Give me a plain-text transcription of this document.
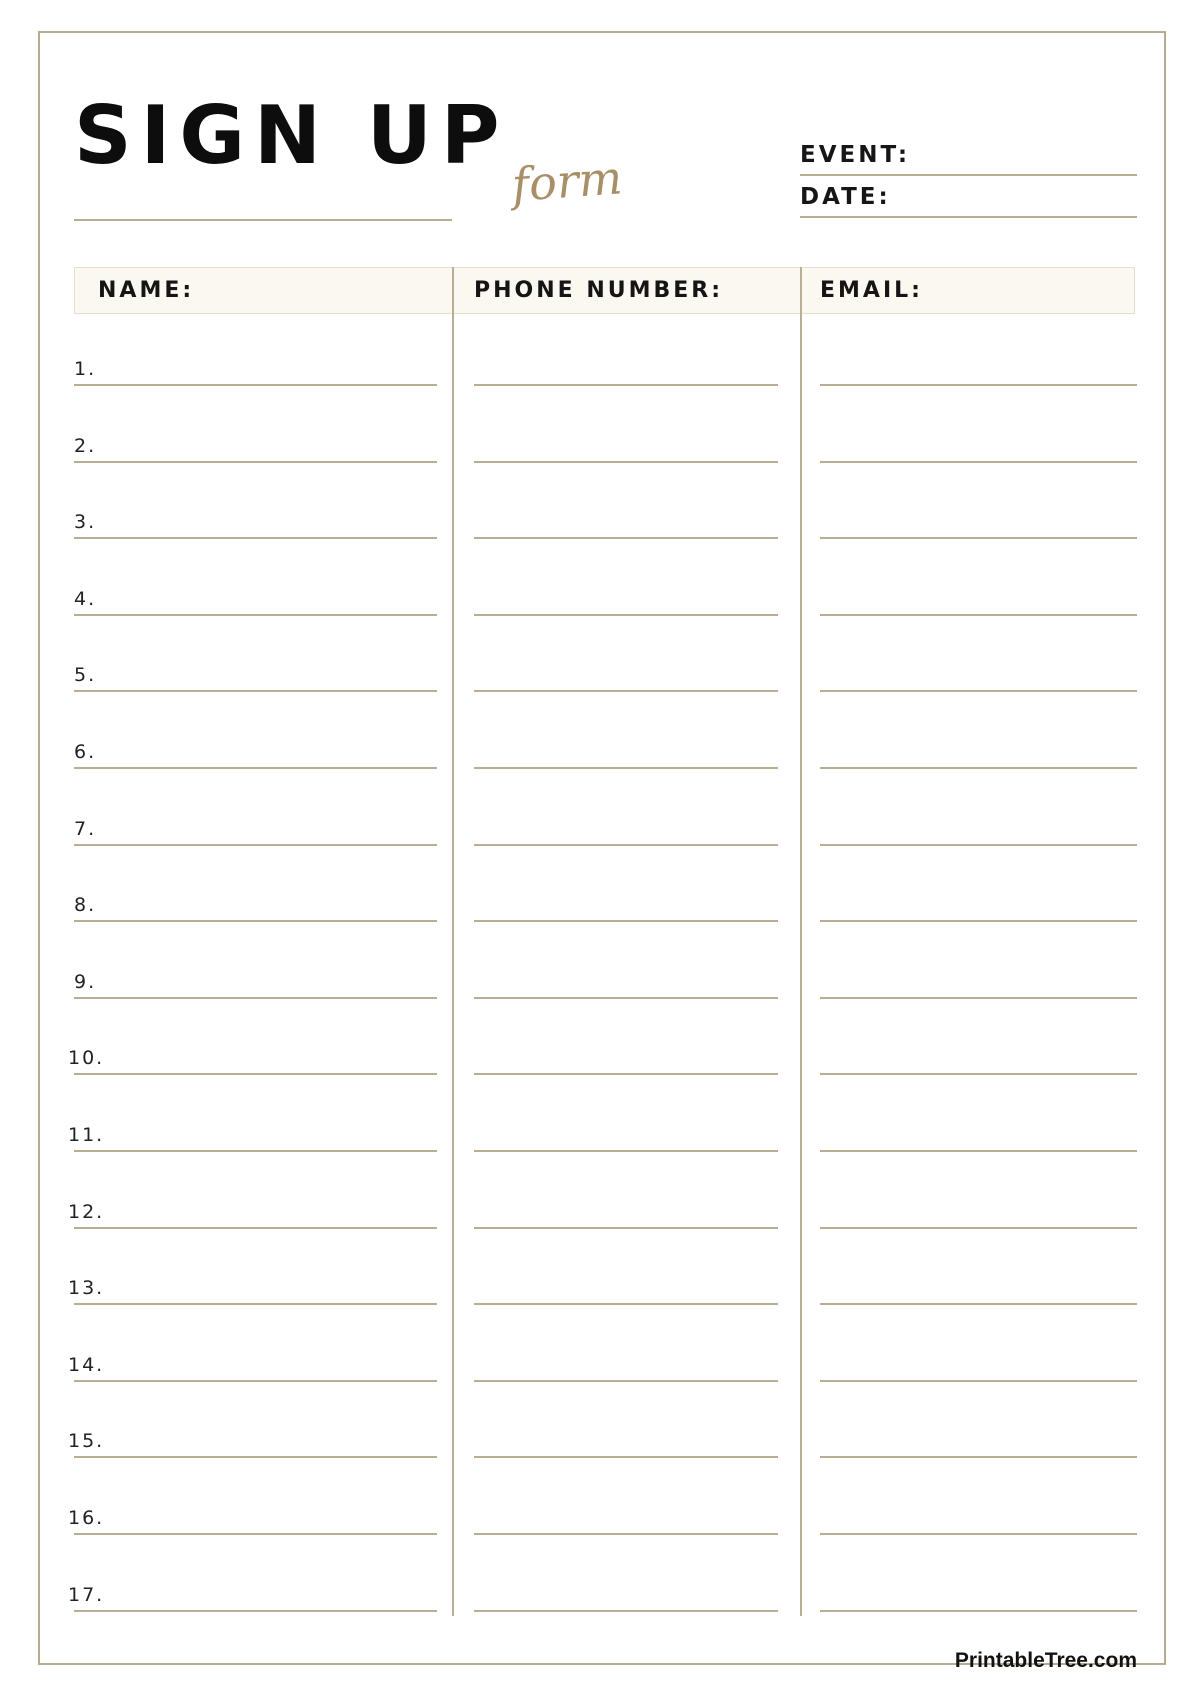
SIGN UP form	EVENT:
DATE:
NAME:	PHONE NUMBER:	EMAIL:
1.
2.
3.
4.
5.
6.
7.
8.
9.
10.
11.
12.
13.
14.
15.
16.
17.
PrintableTree.com
